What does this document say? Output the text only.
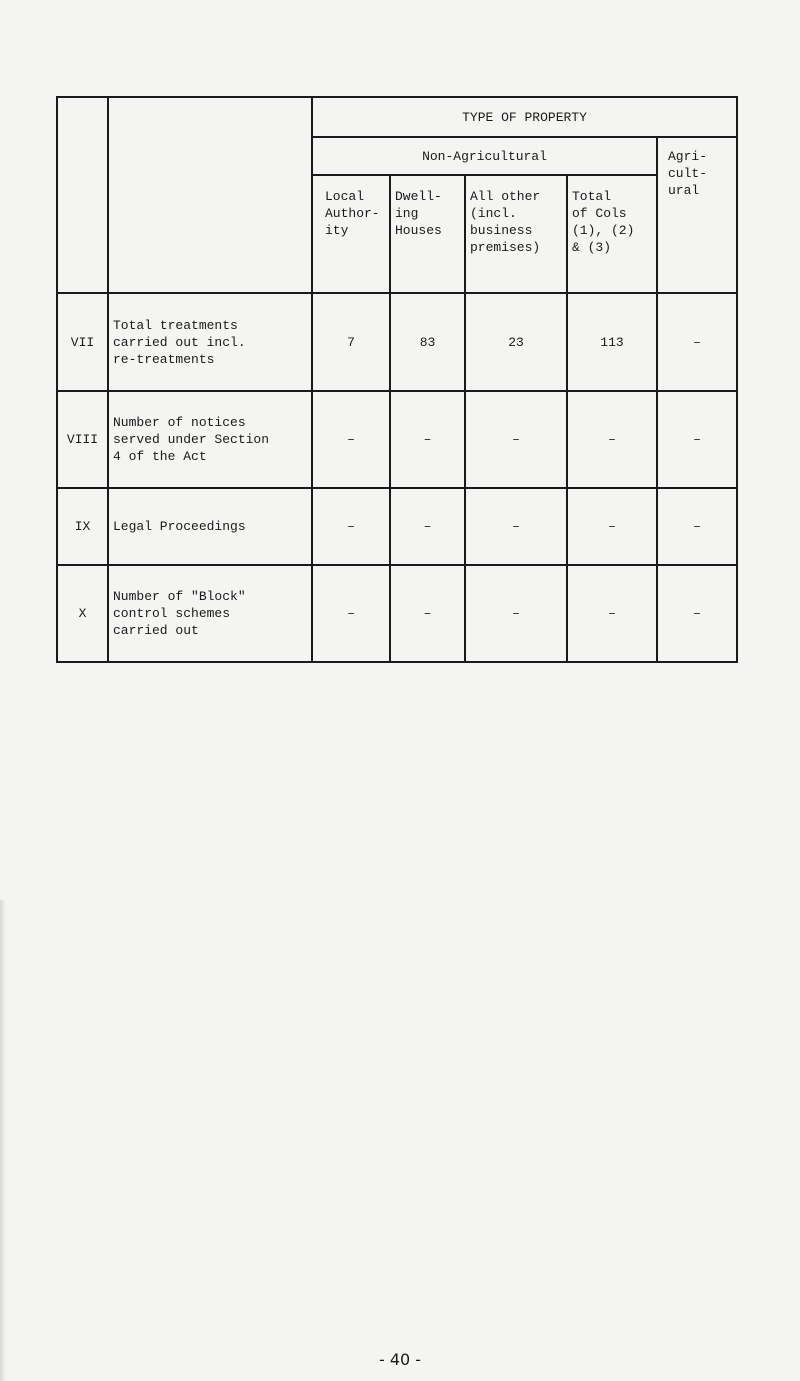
		TYPE OF PROPERTY				
		Non-Agricultural				Agri-
cult-
ural

		Local
Author-
ity	Dwell-
ing
Houses	All other
(incl.
business
premises)	Total
of Cols
(1), (2)
& (3)	

VII	Total treatments
carried out incl.
re-treatments	7	83	23	113	–
VIII	Number of notices
served under Section
4 of the Act	–	–	–	–	–
IX	Legal Proceedings	–	–	–	–	–
X	Number of "Block"
control schemes
carried out	–	–	–	–	–
- 40 -
